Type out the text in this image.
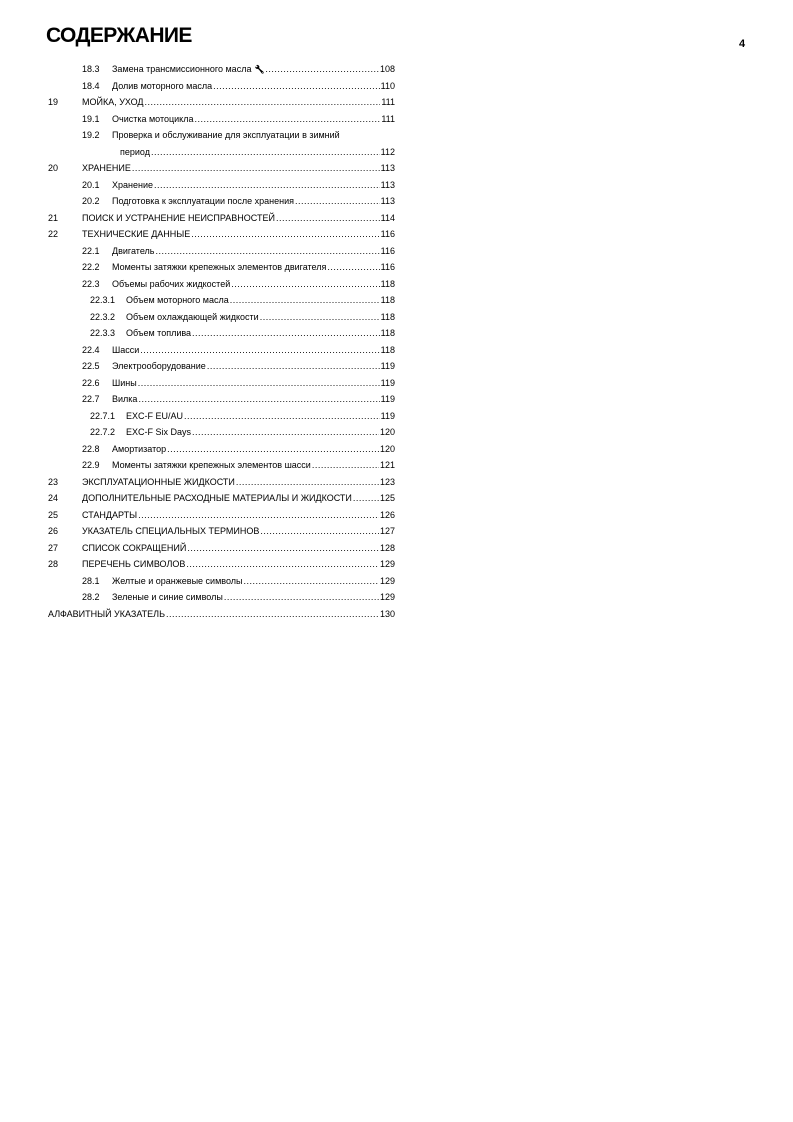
СОДЕРЖАНИЕ	4
18.3	Замена трансмиссионного масла 🔧 .....	108
18.4	Долив моторного масла .....	110
19	МОЙКА, УХОД .....	111
19.1	Очистка мотоцикла .....	111
19.2	Проверка и обслуживание для эксплуатации в зимний
период .....	112
20	ХРАНЕНИЕ .....	113
20.1	Хранение .....	113
20.2	Подготовка к эксплуатации после хранения .....	113
21	ПОИСК И УСТРАНЕНИЕ НЕИСПРАВНОСТЕЙ .....	114
22	ТЕХНИЧЕСКИЕ ДАННЫЕ .....	116
22.1	Двигатель .....	116
22.2	Моменты затяжки крепежных элементов двигателя .....	116
22.3	Объемы рабочих жидкостей .....	118
22.3.1	Объем моторного масла .....	118
22.3.2	Объем охлаждающей жидкости .....	118
22.3.3	Объем топлива .....	118
22.4	Шасси .....	118
22.5	Электрооборудование .....	119
22.6	Шины .....	119
22.7	Вилка .....	119
22.7.1	EXC-F EU/AU .....	119
22.7.2	EXC-F Six Days .....	120
22.8	Амортизатор .....	120
22.9	Моменты затяжки крепежных элементов шасси .....	121
23	ЭКСПЛУАТАЦИОННЫЕ ЖИДКОСТИ .....	123
24	ДОПОЛНИТЕЛЬНЫЕ РАСХОДНЫЕ МАТЕРИАЛЫ И ЖИДКОСТИ .....	125
25	СТАНДАРТЫ .....	126
26	УКАЗАТЕЛЬ СПЕЦИАЛЬНЫХ ТЕРМИНОВ .....	127
27	СПИСОК СОКРАЩЕНИЙ .....	128
28	ПЕРЕЧЕНЬ СИМВОЛОВ .....	129
28.1	Желтые и оранжевые символы .....	129
28.2	Зеленые и синие символы .....	129
АЛФАВИТНЫЙ УКАЗАТЕЛЬ .....	130
